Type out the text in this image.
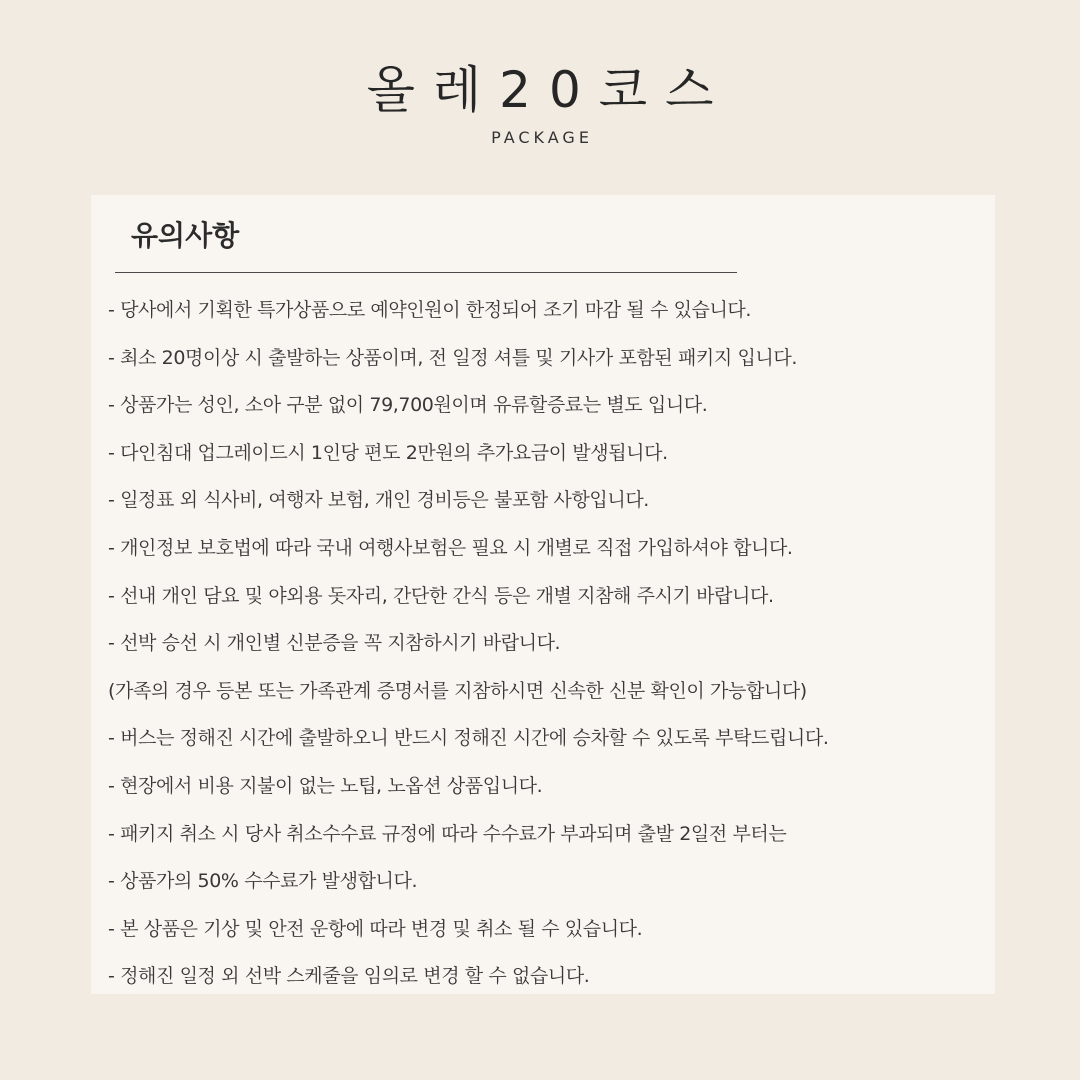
올레20코스
PACKAGE
유의사항
- 당사에서 기획한 특가상품으로 예약인원이 한정되어 조기 마감 될 수 있습니다.
- 최소 20명이상 시 출발하는 상품이며, 전 일정 셔틀 및 기사가 포함된 패키지 입니다.
- 상품가는 성인, 소아 구분 없이 79,700원이며 유류할증료는 별도 입니다.
- 다인침대 업그레이드시 1인당 편도 2만원의 추가요금이 발생됩니다.
- 일정표 외 식사비, 여행자 보험, 개인 경비등은 불포함 사항입니다.
- 개인정보 보호법에 따라 국내 여행사보험은 필요 시 개별로 직접 가입하셔야 합니다.
- 선내 개인 담요 및 야외용 돗자리, 간단한 간식 등은 개별 지참해 주시기 바랍니다.
- 선박 승선 시 개인별 신분증을 꼭 지참하시기 바랍니다.
(가족의 경우 등본 또는 가족관계 증명서를 지참하시면 신속한 신분 확인이 가능합니다)
- 버스는 정해진 시간에 출발하오니 반드시 정해진 시간에 승차할 수 있도록 부탁드립니다.
- 현장에서 비용 지불이 없는 노팁, 노옵션 상품입니다.
- 패키지 취소 시 당사 취소수수료 규정에 따라 수수료가 부과되며 출발 2일전 부터는
- 상품가의 50% 수수료가 발생합니다.
- 본 상품은 기상 및 안전 운항에 따라 변경 및 취소 될 수 있습니다.
- 정해진 일정 외 선박 스케줄을 임의로 변경 할 수 없습니다.
